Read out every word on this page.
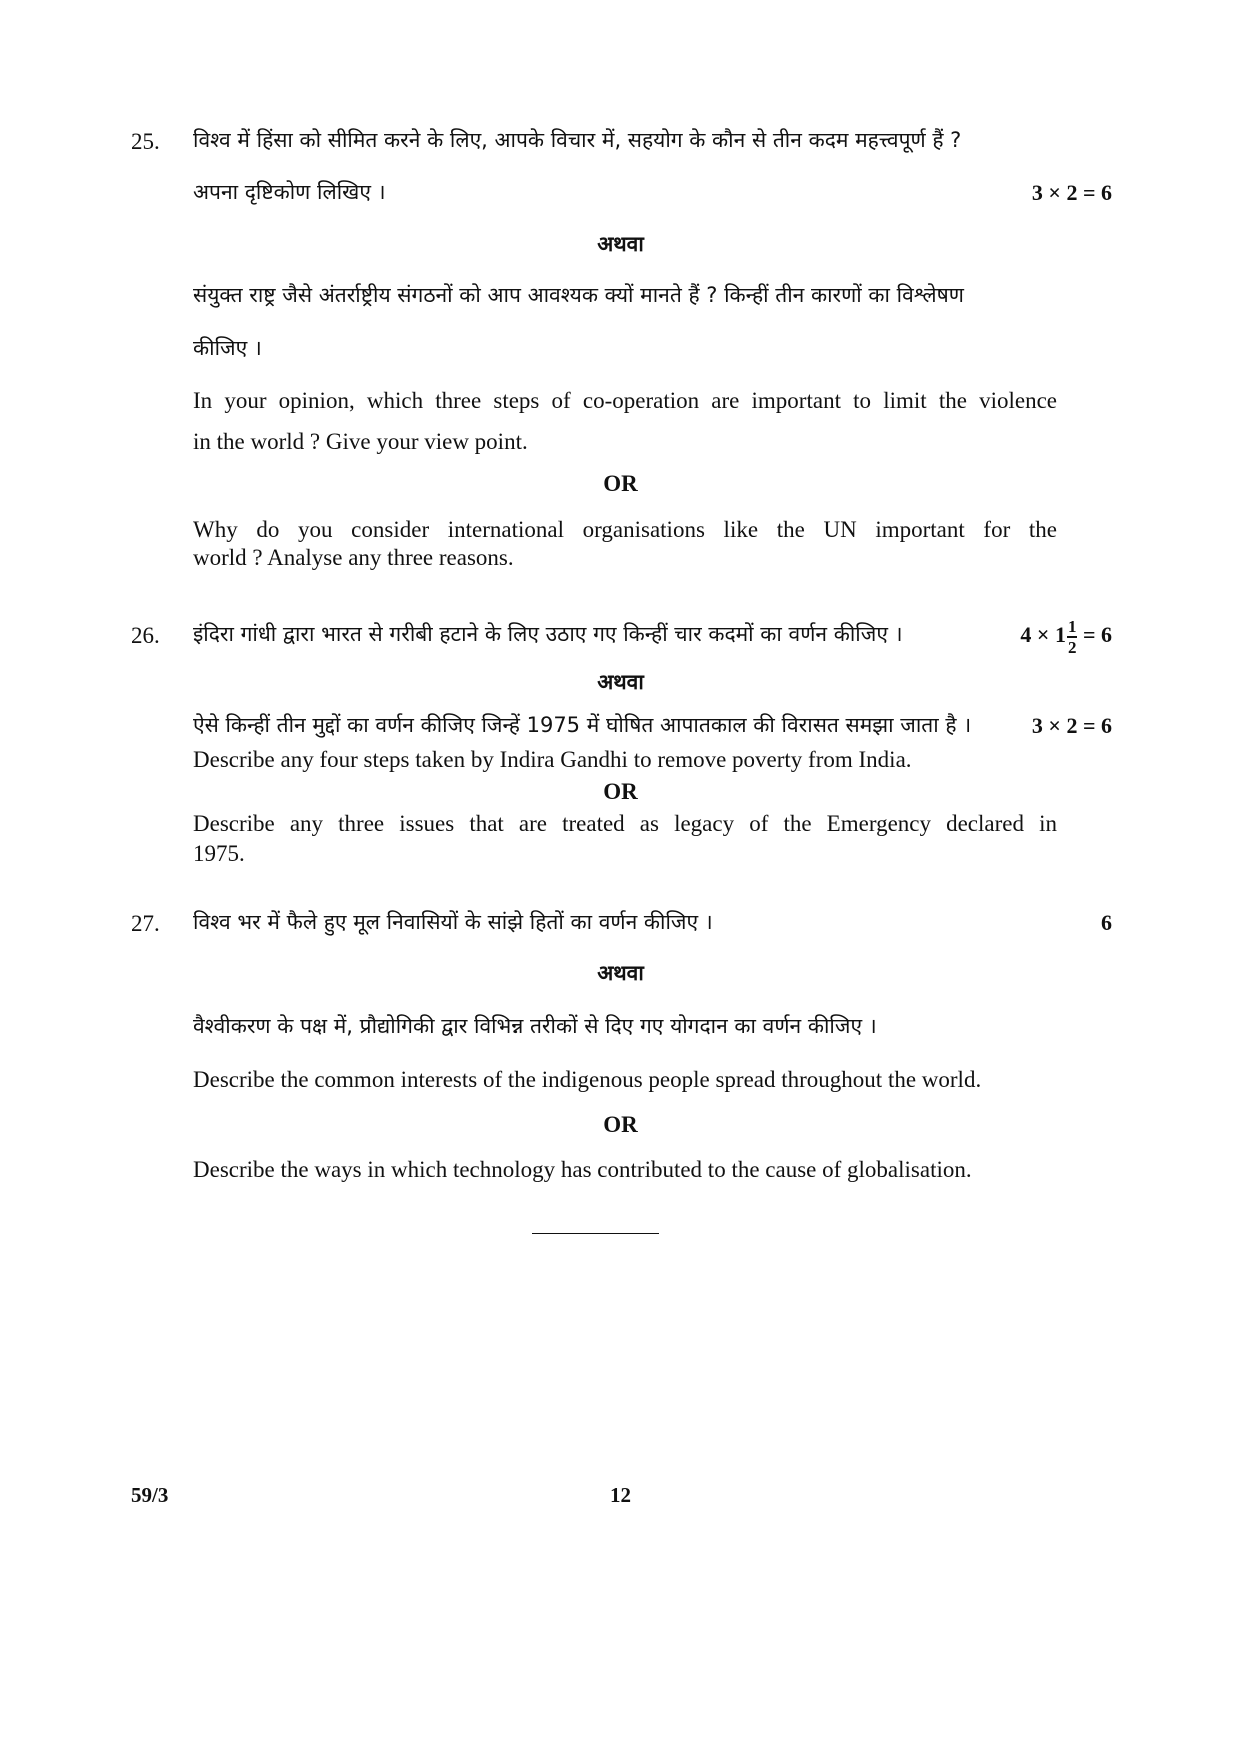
25. विश्व में हिंसा को सीमित करने के लिए, आपके विचार में, सहयोग के कौन से तीन कदम महत्त्वपूर्ण हैं ?
अपना दृष्टिकोण लिखिए ।	3 × 2 = 6
अथवा
संयुक्त राष्ट्र जैसे अंतर्राष्ट्रीय संगठनों को आप आवश्यक क्यों मानते हैं ? किन्हीं तीन कारणों का विश्लेषण
कीजिए ।
In your opinion, which three steps of co-operation are important to limit the violence
in the world ? Give your view point.
OR
Why do you consider international organisations like the UN important for the
world ? Analyse any three reasons.
26. इंदिरा गांधी द्वारा भारत से गरीबी हटाने के लिए उठाए गए किन्हीं चार कदमों का वर्णन कीजिए ।	$4 \times 1 \frac{1}{2} = 6$
अथवा
ऐसे किन्हीं तीन मुद्दों का वर्णन कीजिए जिन्हें 1975 में घोषित आपातकाल की विरासत समझा जाता है ।	3 × 2 = 6
Describe any four steps taken by Indira Gandhi to remove poverty from India.
OR
Describe any three issues that are treated as legacy of the Emergency declared in
1975.
27. विश्व भर में फैले हुए मूल निवासियों के सांझे हितों का वर्णन कीजिए ।	6
अथवा
वैश्वीकरण के पक्ष में, प्रौद्योगिकी द्वार विभिन्न तरीकों से दिए गए योगदान का वर्णन कीजिए ।
Describe the common interests of the indigenous people spread throughout the world.
OR
Describe the ways in which technology has contributed to the cause of globalisation.
59/3	12
